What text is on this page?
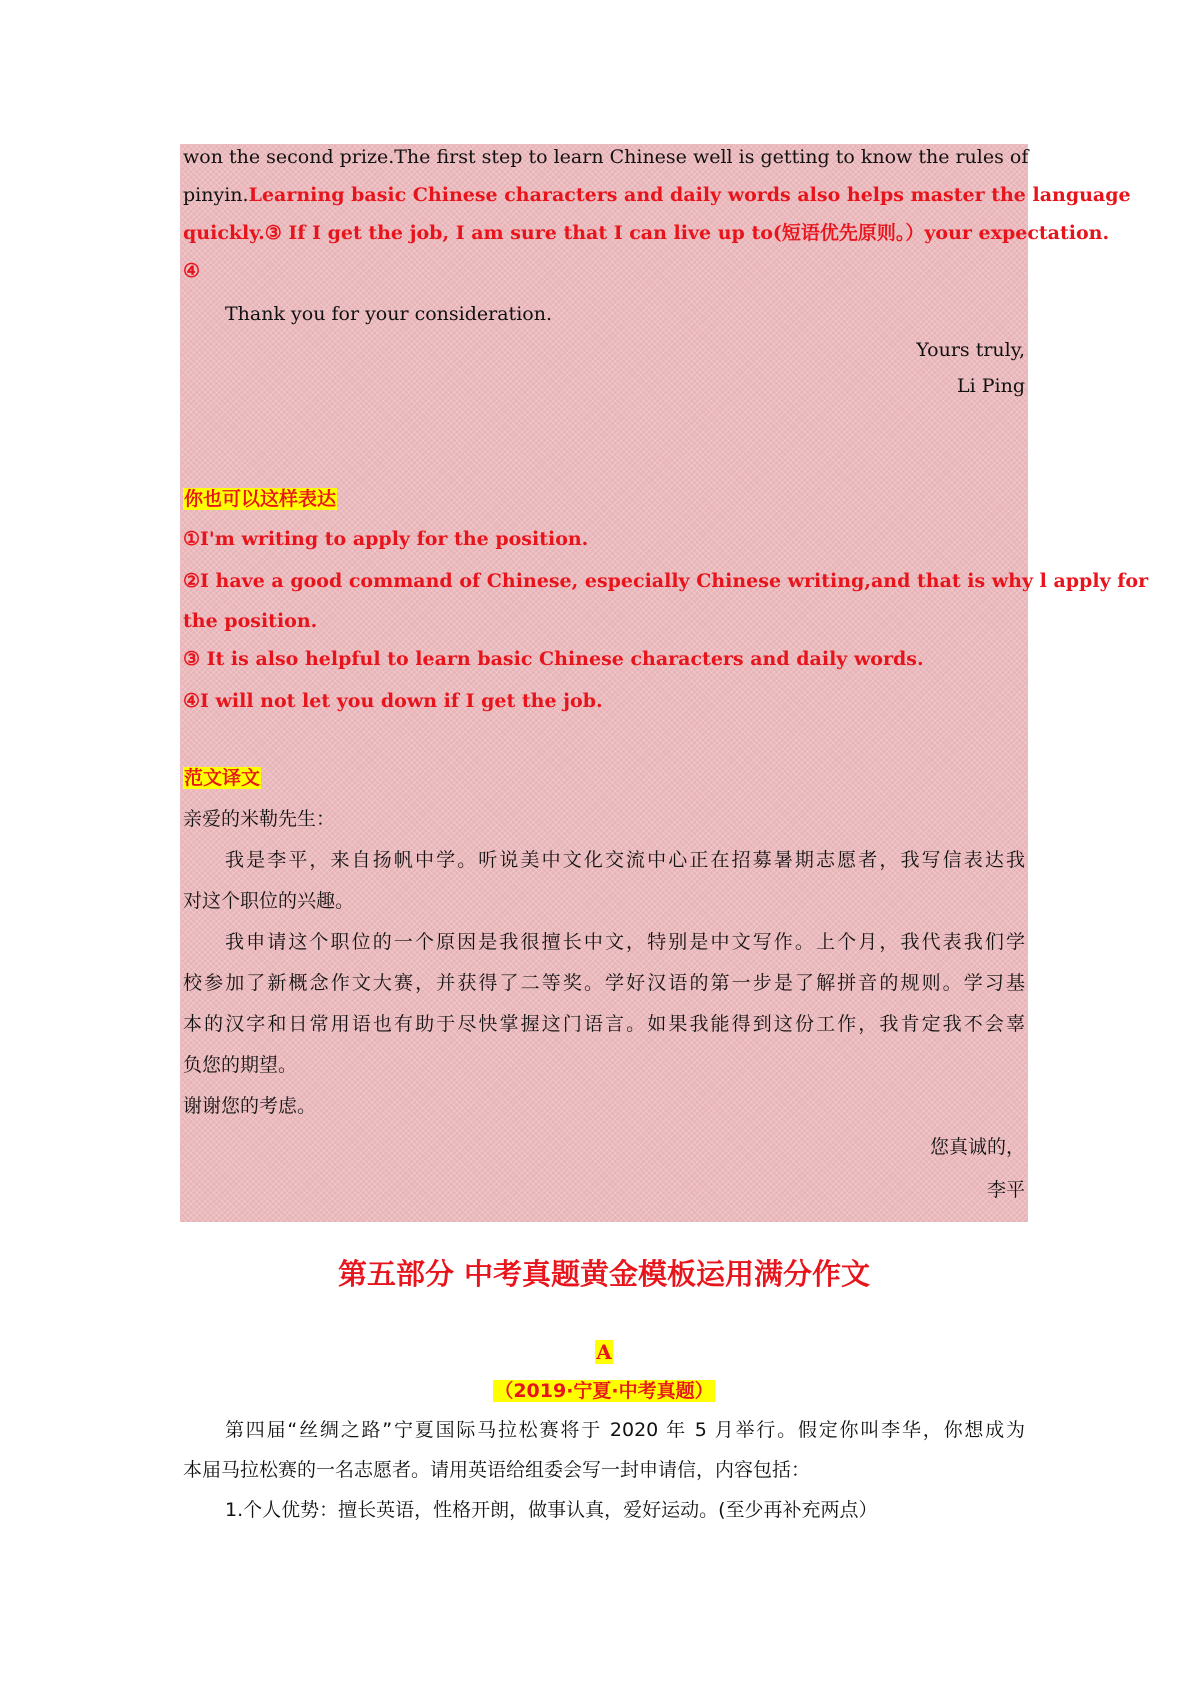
won the second prize.The first step to learn Chinese well is getting to know the rules of
pinyin.Learning basic Chinese characters and daily words also helps master the language
quickly.③ If I get the job, I am sure that I can live up to(短语优先原则。）your expectation.
④
Thank you for your consideration.
Yours truly,
Li Ping
你也可以这样表达
①I'm writing to apply for the position.
②I have a good command of Chinese, especially Chinese writing,and that is why l apply for
the position.
③ It is also helpful to learn basic Chinese characters and daily words.
④I will not let you down if I get the job.
范文译文
亲爱的米勒先生：
我是李平，来自扬帆中学。听说美中文化交流中心正在招募暑期志愿者，我写信表达我
对这个职位的兴趣。
我申请这个职位的一个原因是我很擅长中文，特别是中文写作。上个月，我代表我们学
校参加了新概念作文大赛，并获得了二等奖。学好汉语的第一步是了解拼音的规则。学习基
本的汉字和日常用语也有助于尽快掌握这门语言。如果我能得到这份工作，我肯定我不会辜
负您的期望。
谢谢您的考虑。
您真诚的，
李平
第五部分 中考真题黄金模板运用满分作文
A
（2019·宁夏·中考真题）
第四届“丝绸之路”宁夏国际马拉松赛将于 2020 年 5 月举行。假定你叫李华，你想成为
本届马拉松赛的一名志愿者。请用英语给组委会写一封申请信，内容包括：
1.个人优势：擅长英语，性格开朗，做事认真，爱好运动。(至少再补充两点）
